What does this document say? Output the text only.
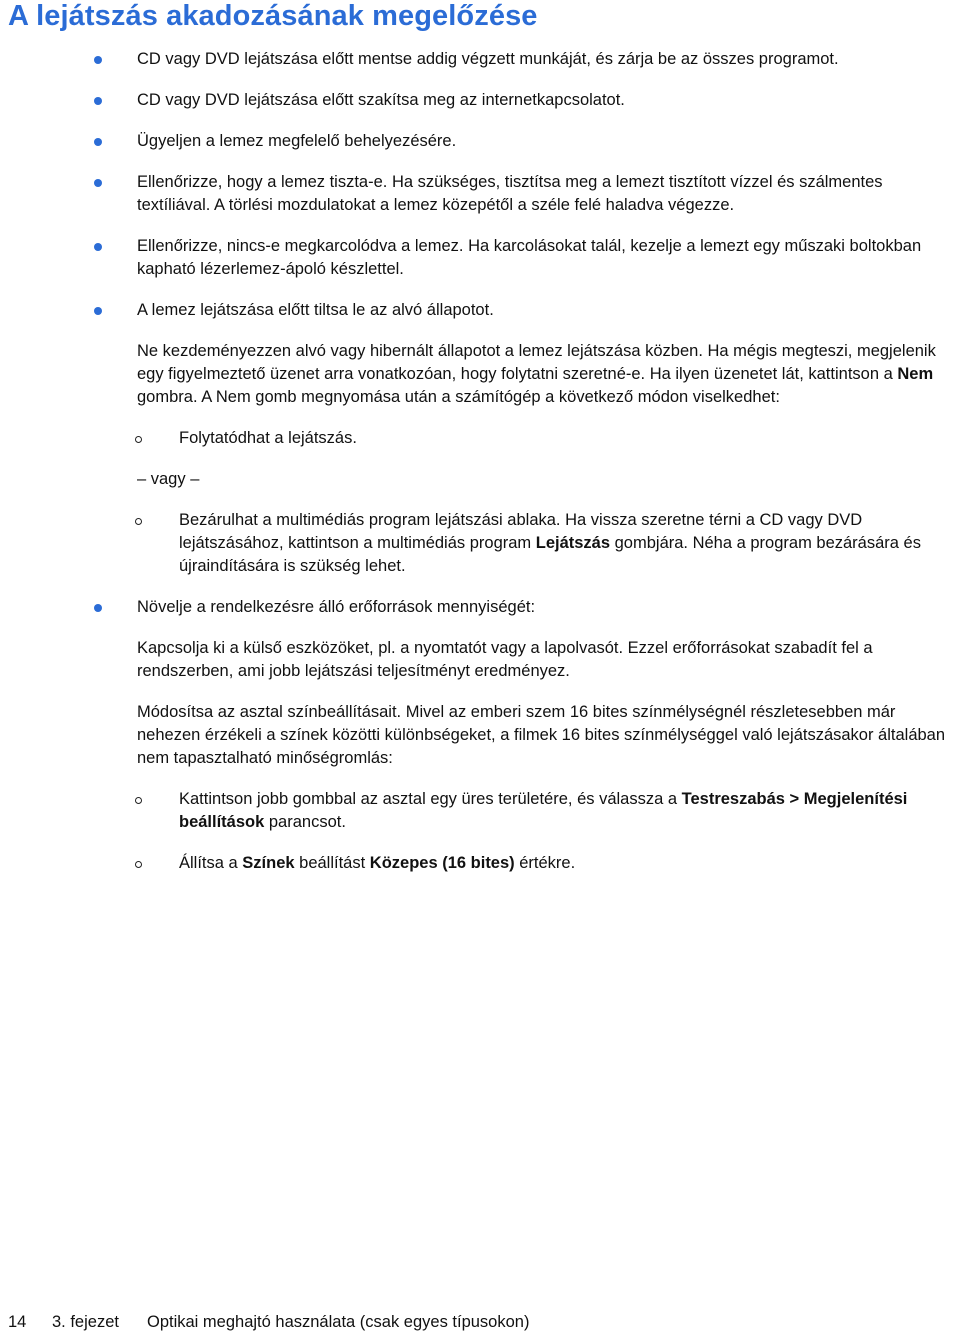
A lejátszás akadozásának megelőzése

CD vagy DVD lejátszása előtt mentse addig végzett munkáját, és zárja be az összes programot.

CD vagy DVD lejátszása előtt szakítsa meg az internetkapcsolatot.

Ügyeljen a lemez megfelelő behelyezésére.

Ellenőrizze, hogy a lemez tiszta-e. Ha szükséges, tisztítsa meg a lemezt tisztított vízzel és szálmentes textíliával. A törlési mozdulatokat a lemez közepétől a széle felé haladva végezze.

Ellenőrizze, nincs-e megkarcolódva a lemez. Ha karcolásokat talál, kezelje a lemezt egy műszaki boltokban kapható lézerlemez-ápoló készlettel.

A lemez lejátszása előtt tiltsa le az alvó állapotot.

Ne kezdeményezzen alvó vagy hibernált állapotot a lemez lejátszása közben. Ha mégis megteszi, megjelenik egy figyelmeztető üzenet arra vonatkozóan, hogy folytatni szeretné-e. Ha ilyen üzenetet lát, kattintson a Nem gombra. A Nem gomb megnyomása után a számítógép a következő módon viselkedhet:

Folytatódhat a lejátszás.

– vagy –

Bezárulhat a multimédiás program lejátszási ablaka. Ha vissza szeretne térni a CD vagy DVD lejátszásához, kattintson a multimédiás program Lejátszás gombjára. Néha a program bezárására és újraindítására is szükség lehet.

Növelje a rendelkezésre álló erőforrások mennyiségét:

Kapcsolja ki a külső eszközöket, pl. a nyomtatót vagy a lapolvasót. Ezzel erőforrásokat szabadít fel a rendszerben, ami jobb lejátszási teljesítményt eredményez.

Módosítsa az asztal színbeállításait. Mivel az emberi szem 16 bites színmélységnél részletesebben már nehezen érzékeli a színek közötti különbségeket, a filmek 16 bites színmélységgel való lejátszásakor általában nem tapasztalható minőségromlás:

Kattintson jobb gombbal az asztal egy üres területére, és válassza a Testreszabás > Megjelenítési beállítások parancsot.

Állítsa a Színek beállítást Közepes (16 bites) értékre.

14 3. fejezet Optikai meghajtó használata (csak egyes típusokon)
